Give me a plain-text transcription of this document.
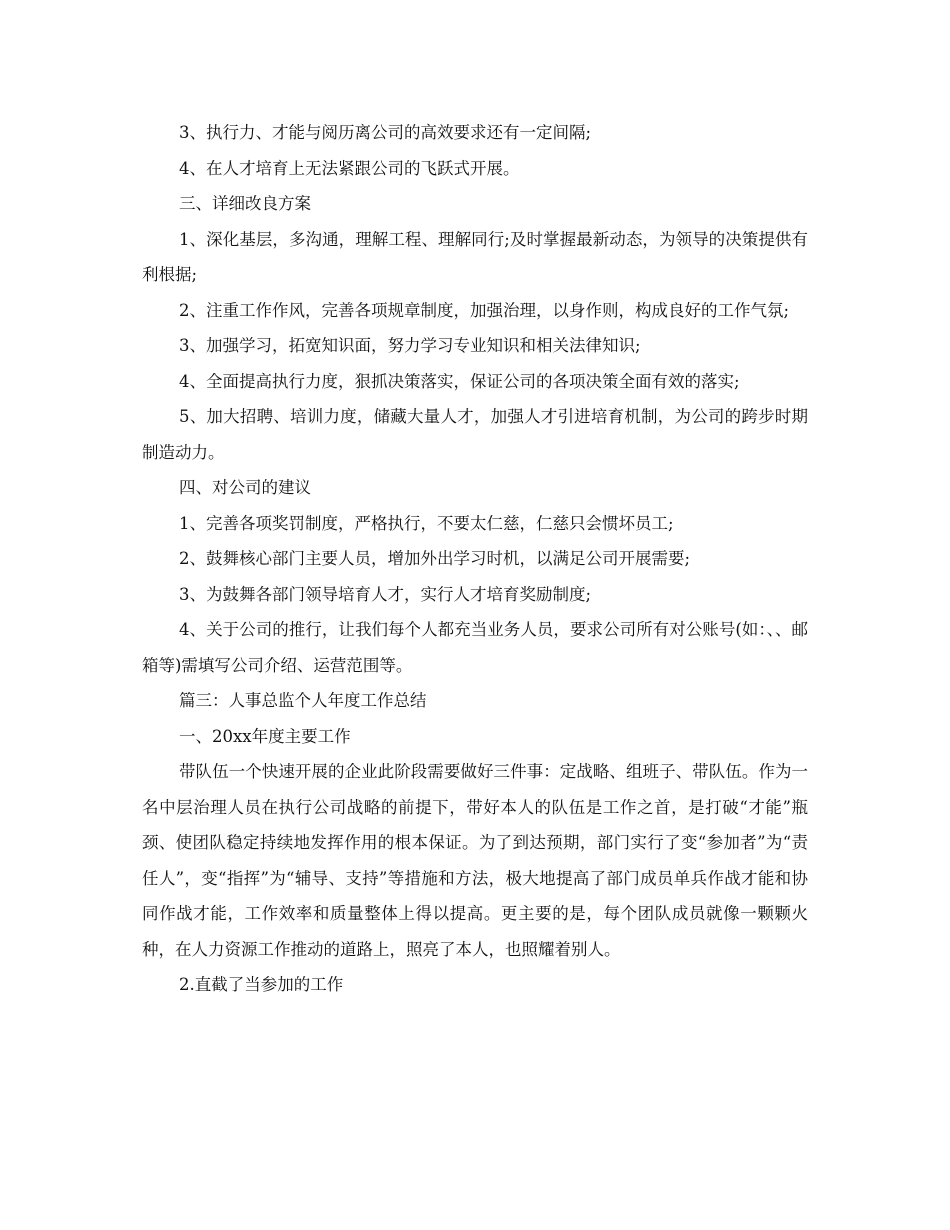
3、执行力、才能与阅历离公司的高效要求还有一定间隔;

4、在人才培育上无法紧跟公司的飞跃式开展。

三、详细改良方案

1、深化基层，多沟通，理解工程、理解同行;及时掌握最新动态，为领导的决策提供有利根据;

2、注重工作作风，完善各项规章制度，加强治理，以身作则，构成良好的工作气氛;

3、加强学习，拓宽知识面，努力学习专业知识和相关法律知识;

4、全面提高执行力度，狠抓决策落实，保证公司的各项决策全面有效的落实;

5、加大招聘、培训力度，储藏大量人才，加强人才引进培育机制，为公司的跨步时期制造动力。

四、对公司的建议

1、完善各项奖罚制度，严格执行，不要太仁慈，仁慈只会惯坏员工;

2、鼓舞核心部门主要人员，增加外出学习时机，以满足公司开展需要;

3、为鼓舞各部门领导培育人才，实行人才培育奖励制度;

4、关于公司的推行，让我们每个人都充当业务人员，要求公司所有对公账号(如：、、邮箱等)需填写公司介绍、运营范围等。

篇三：人事总监个人年度工作总结

一、20xx年度主要工作

带队伍一个快速开展的企业此阶段需要做好三件事：定战略、组班子、带队伍。作为一名中层治理人员在执行公司战略的前提下，带好本人的队伍是工作之首，是打破“才能”瓶颈、使团队稳定持续地发挥作用的根本保证。为了到达预期，部门实行了变“参加者”为“责任人”，变“指挥”为“辅导、支持”等措施和方法，极大地提高了部门成员单兵作战才能和协同作战才能，工作效率和质量整体上得以提高。更主要的是，每个团队成员就像一颗颗火种，在人力资源工作推动的道路上，照亮了本人，也照耀着别人。

2.直截了当参加的工作
